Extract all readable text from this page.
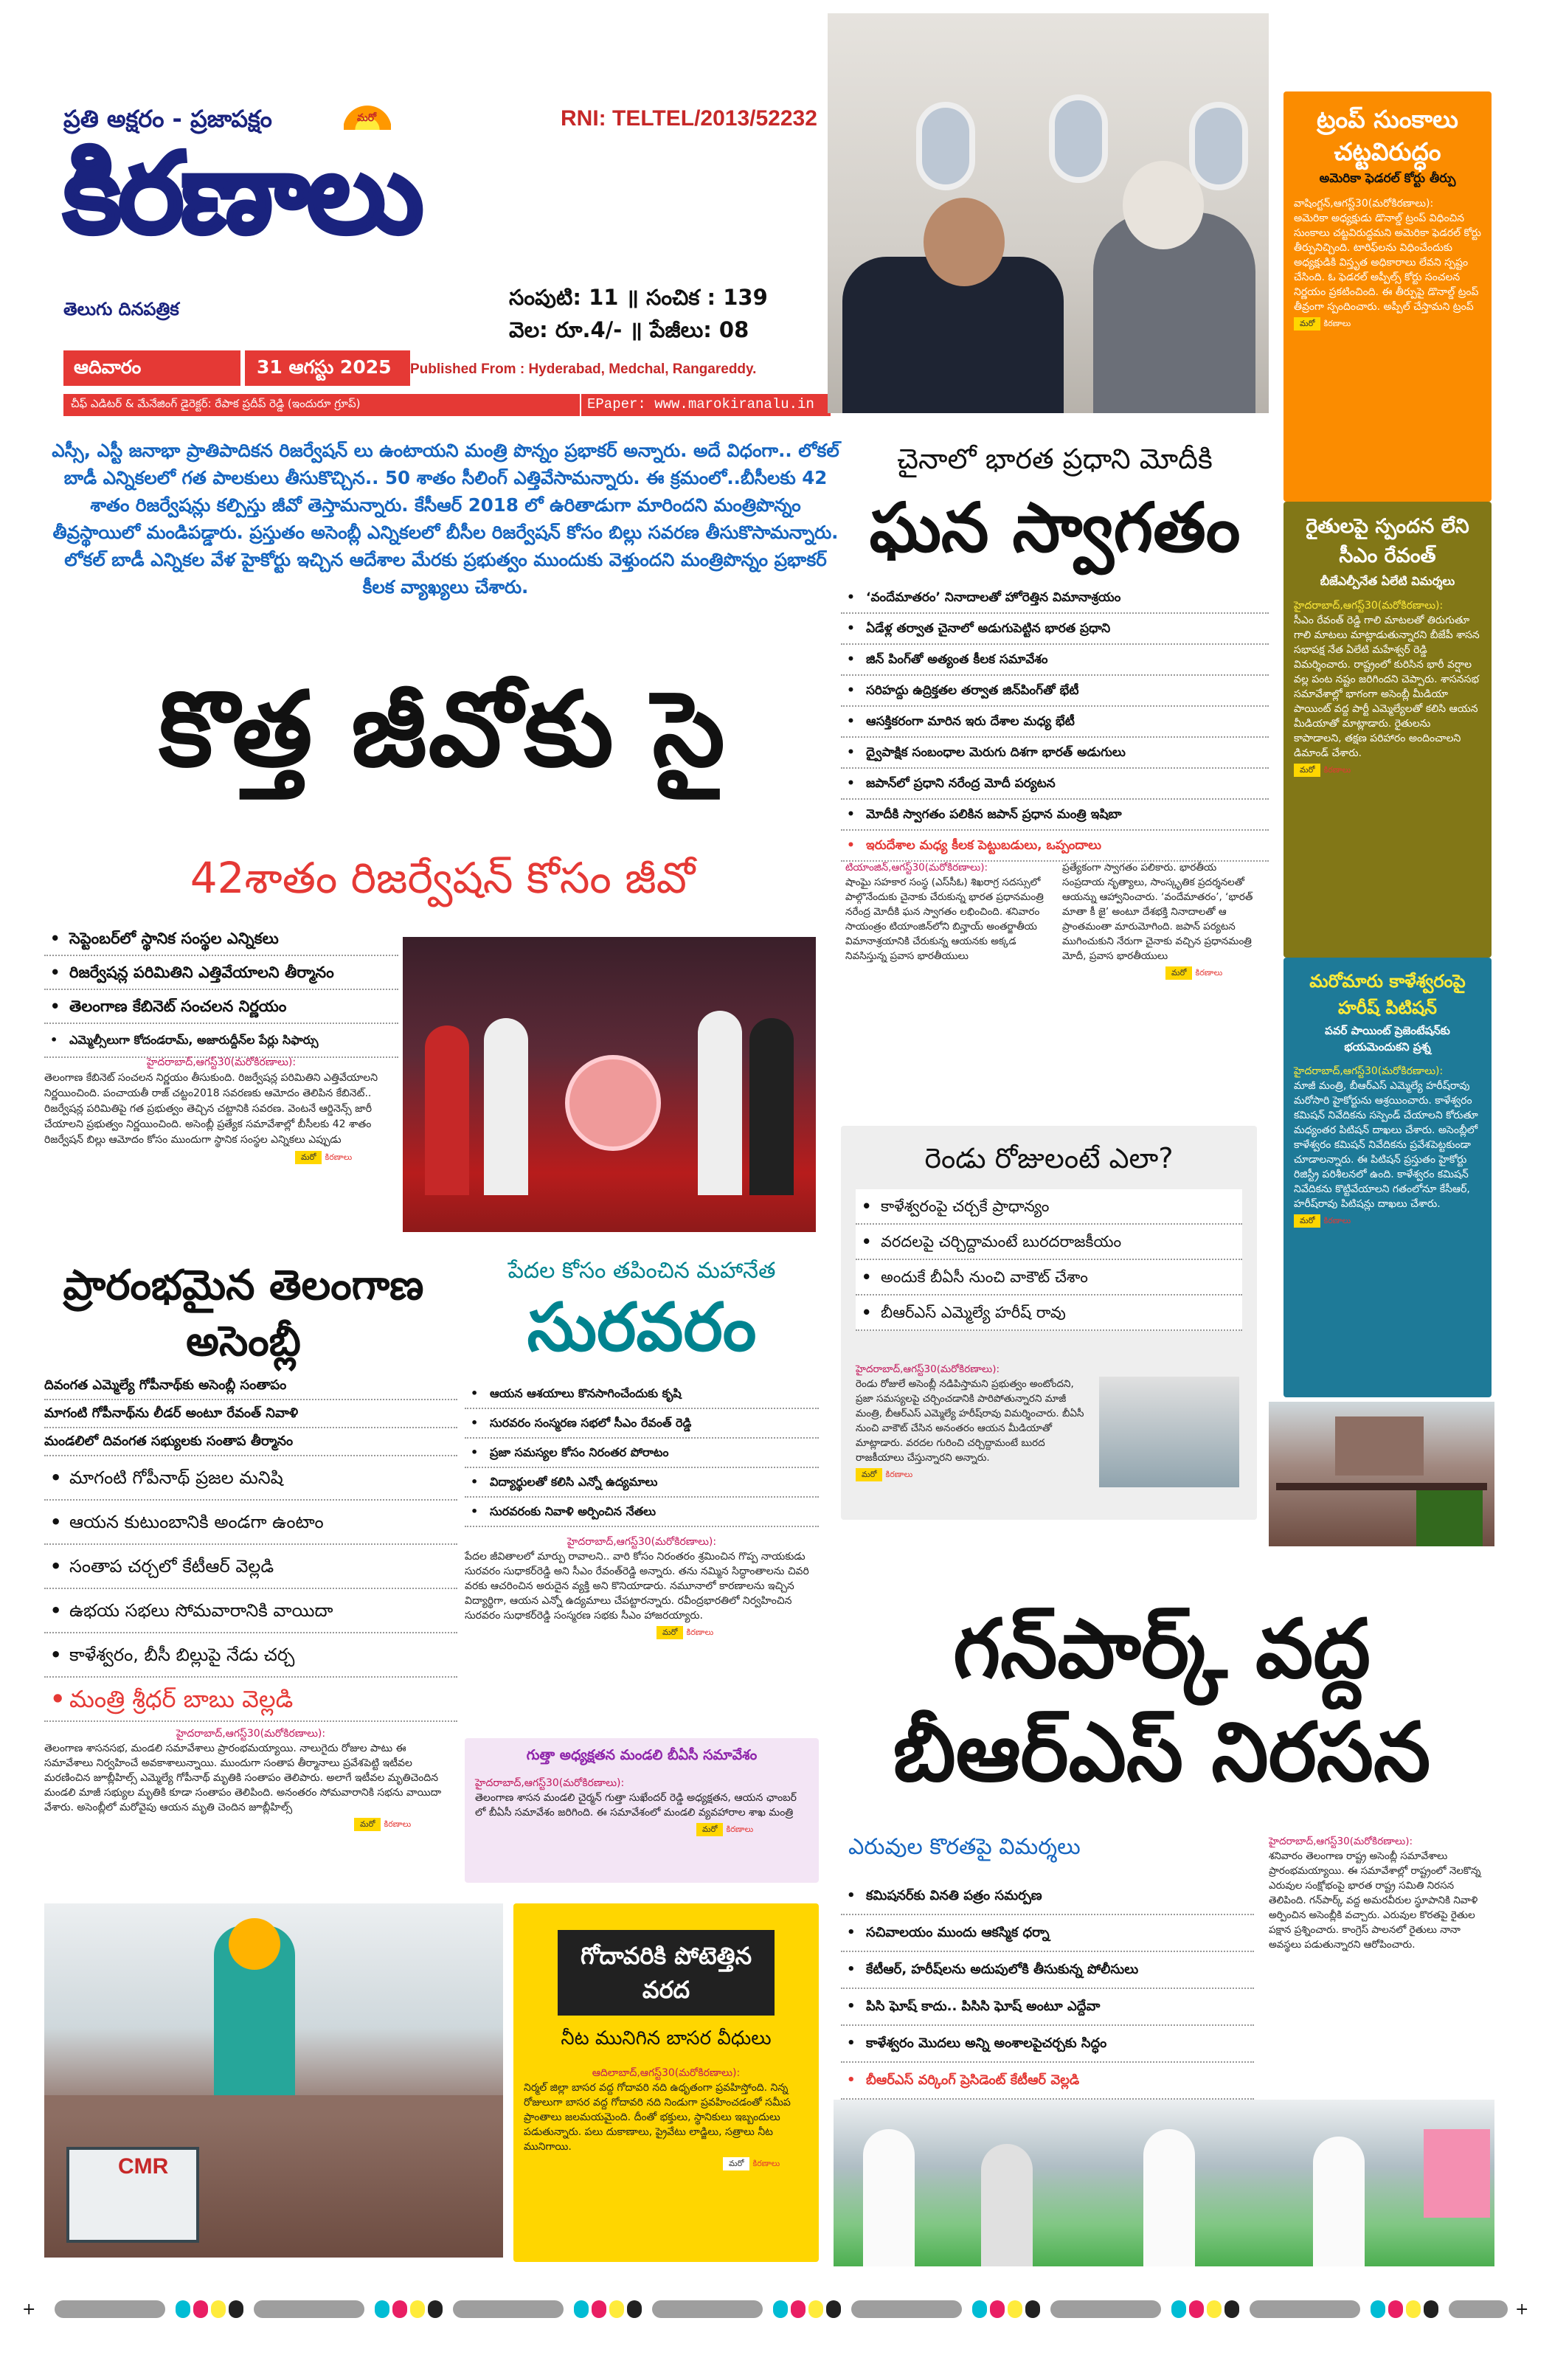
ప్రతి అక్షరం - ప్రజాపక్షం	మరో
కిరణాలు
తెలుగు దినపత్రిక
RNI: TELTEL/2013/52232
సంపుటి: 11 ॥ సంచిక : 139
వెల: రూ.4/- ॥ పేజీలు: 08
ఆదివారం	31 ఆగస్టు 2025 Published From : Hyderabad, Medchal, Rangareddy.
చీఫ్ ఎడిటర్ & మేనేజింగ్ డైరెక్టర్: రేపాక ప్రదీప్ రెడ్డి (ఇందురూ గ్రూప్)	EPaper: www.marokiranalu.in
ట్రంప్ సుంకాలు చట్టవిరుద్ధం
అమెరికా ఫెడరల్ కోర్టు తీర్పు
వాషింగ్టన్,ఆగస్ట్30(మరోకిరణాలు):
అమెరికా అధ్యక్షుడు డొనాల్డ్ ట్రంప్ విధించిన సుంకాలు చట్టవిరుద్ధమని అమెరికా ఫెడరల్ కోర్టు తీర్పునిచ్చింది. టారిఫ్‌లను విధించేందుకు అధ్యక్షుడికి విస్తృత అధికారాలు లేవని స్పష్టం చేసింది. ఓ ఫెడరల్ అప్పీల్స్ కోర్టు సంచలన నిర్ణయం ప్రకటించింది. ఈ తీర్పుపై డొనాల్డ్ ట్రంప్ తీవ్రంగా స్పందించారు. అప్పీల్ చేస్తామని ట్రంప్
మరో కిరణాలు
రైతులపై స్పందన లేని సీఎం రేవంత్
బీజేఎల్పీనేత ఏలేటి విమర్శలు
హైదరాబాద్,ఆగస్ట్30(మరోకిరణాలు):
సీఎం రేవంత్ రెడ్డి గాలి మాటలతో తిరుగుతూ గాలి మాటలు మాట్లాడుతున్నారని బీజేపీ శాసన సభాపక్ష నేత ఏలేటి మహేశ్వర్ రెడ్డి విమర్శించారు. రాష్ట్రంలో కురిసిన భారీ వర్షాల వల్ల పంట నష్టం జరిగిందని చెప్పారు. శాసనసభ సమావేశాల్లో భాగంగా అసెంబ్లీ మీడియా పాయింట్ వద్ద పార్టీ ఎమ్మెల్యేలతో కలిసి ఆయన మీడియాతో మాట్లాడారు. రైతులను కాపాడాలని, తక్షణ పరిహారం అందించాలని డిమాండ్ చేశారు.
మరో కిరణాలు
మరోమారు కాళేశ్వరంపై హరీష్ పిటిషన్
పవర్ పాయింట్ ప్రెజెంటేషన్‌కు భయమెందుకని ప్రశ్న
హైదరాబాద్,ఆగస్ట్30(మరోకిరణాలు):
మాజీ మంత్రి, బీఆర్ఎస్ ఎమ్మెల్యే హరీష్‌రావు మరోసారి హైకోర్టును ఆశ్రయించారు. కాళేశ్వరం కమిషన్ నివేదికను సస్పెండ్ చేయాలని కోరుతూ మధ్యంతర పిటిషన్ దాఖలు చేశారు. అసెంబ్లీలో కాళేశ్వరం కమిషన్ నివేదికను ప్రవేశపెట్టకుండా చూడాలన్నారు. ఈ పిటిషన్ ప్రస్తుతం హైకోర్టు రిజిస్ట్రీ పరిశీలనలో ఉంది. కాళేశ్వరం కమిషన్ నివేదికను కొట్టివేయాలని గతంలోనూ కేసీఆర్, హరీష్‌రావు పిటిషన్లు దాఖలు చేశారు.
మరో కిరణాలు
ఎస్సీ, ఎస్టీ జనాభా ప్రాతిపాదికన రిజర్వేషన్ లు ఉంటాయని మంత్రి పొన్నం ప్రభాకర్ అన్నారు. అదే విధంగా.. లోకల్ బాడీ ఎన్నికలలో గత పాలకులు తీసుకొచ్చిన.. 50 శాతం సీలింగ్ ఎత్తివేసామన్నారు. ఈ క్రమంలో..బీసీలకు 42 శాతం రిజర్వేషన్లు కల్పిస్తు జీవో తెస్తామన్నారు. కేసీఆర్ 2018 లో ఉరితాడుగా మారిందని మంత్రిపొన్నం తీవ్రస్థాయిలో మండిపడ్డారు. ప్రస్తుతం అసెంబ్లీ ఎన్నికలలో బీసీల రిజర్వేషన్ కోసం బిల్లు సవరణ తీసుకొసామన్నారు. లోకల్ బాడీ ఎన్నికల వేళ హైకోర్టు ఇచ్చిన ఆదేశాల మేరకు ప్రభుత్వం ముందుకు వెళ్తుందని మంత్రిపొన్నం ప్రభాకర్ కీలక వ్యాఖ్యలు చేశారు.
కొత్త జీవోకు సై
42శాతం రిజర్వేషన్ కోసం జీవో
• సెప్టెంబర్‌లో స్థానిక సంస్థల ఎన్నికలు
• రిజర్వేషన్ల పరిమితిని ఎత్తివేయాలని తీర్మానం
• తెలంగాణ కేబినెట్ సంచలన నిర్ణయం
• ఎమ్మెల్సీలుగా కోదండరామ్, అజారుద్దీన్‌ల పేర్లు సిఫార్సు
హైదరాబాద్,ఆగస్ట్30(మరోకిరణాలు):
తెలంగాణ కేబినెట్ సంచలన నిర్ణయం తీసుకుంది. రిజర్వేషన్ల పరిమితిని ఎత్తివేయాలని నిర్ణయించింది. పంచాయతీ రాజ్ చట్టం2018 సవరణకు ఆమోదం తెలిపిన కేబినెట్.. రిజర్వేషన్ల పరిమితిపై గత ప్రభుత్వం తెచ్చిన చట్టానికి సవరణ. వెంటనే ఆర్డినెన్స్ జారీ చేయాలని ప్రభుత్వం నిర్ణయించింది. అసెంబ్లీ ప్రత్యేక సమావేశాల్లో బీసీలకు 42 శాతం రిజర్వేషన్ బిల్లు ఆమోదం కోసం ముందుగా స్థానిక సంస్థల ఎన్నికలు ఎప్పుడు
మరో కిరణాలు
ప్రారంభమైన తెలంగాణ అసెంబ్లీ
దివంగత ఎమ్మెల్యే గోపీనాథ్‌కు అసెంబ్లీ సంతాపం
మాగంటి గోపీనాథ్‌ను లీడర్ అంటూ రేవంత్ నివాళి
మండలిలో దివంగత సభ్యులకు సంతాప తీర్మానం
• మాగంటి గోపీనాథ్ ప్రజల మనిషి
• ఆయన కుటుంబానికి అండగా ఉంటాం
• సంతాప చర్చలో కేటీఆర్ వెల్లడి
• ఉభయ సభలు సోమవారానికి వాయిదా
• కాళేశ్వరం, బీసీ బిల్లుపై నేడు చర్చ
• మంత్రి శ్రీధర్ బాబు వెల్లడి
హైదరాబాద్,ఆగస్ట్30(మరోకిరణాలు):
తెలంగాణ శాసనసభ, మండలి సమావేశాలు ప్రారంభమయ్యాయి. నాలుగైదు రోజుల పాటు ఈ సమావేశాలు నిర్వహించే అవకాశాలున్నాయి. ముందుగా సంతాప తీర్మానాలు ప్రవేశపెట్టి ఇటీవల మరణించిన జూబ్లీహిల్స్ ఎమ్మెల్యే గోపీనాథ్ మృతికి సంతాపం తెలిపారు. అలాగే ఇటీవల మృతిచెందిన మండలి మాజీ సభ్యుల మృతికి కూడా సంతాపం తెలిపింది. అనంతరం సోమవారానికి సభను వాయిదా వేశారు. అసెంబ్లీలో మరోవైపు ఆయన మృతి చెందిన జూబ్లీహిల్స్
మరో కిరణాలు
పేదల కోసం తపించిన మహానేత
సురవరం
• ఆయన ఆశయాలు కొనసాగించేందుకు కృషి
• సురవరం సంస్మరణ సభలో సీఎం రేవంత్ రెడ్డి
• ప్రజా సమస్యల కోసం నిరంతర పోరాటం
• విద్యార్థులతో కలిసి ఎన్నో ఉద్యమాలు
• సురవరంకు నివాళి అర్పించిన నేతలు
హైదరాబాద్,ఆగస్ట్30(మరోకిరణాలు):
పేదల జీవితాలలో మార్పు రావాలని.. వారి కోసం నిరంతరం శ్రమించిన గొప్ప నాయకుడు సురవరం సుధాకర్‌రెడ్డి అని సీఎం రేవంత్‌రెడ్డి అన్నారు. తను నమ్మిన సిద్ధాంతాలను చివరి వరకు ఆచరించిన అరుదైన వ్యక్తి అని కొనియాడారు. నమూనాలో కారణాలను ఇచ్చిన విద్యార్థిగా, ఆయన ఎన్నో ఉద్యమాలు చేపట్టారన్నారు. రవీంద్రభారతిలో నిర్వహించిన సురవరం సుధాకర్‌రెడ్డి సంస్మరణ సభకు సీఎం హాజరయ్యారు.
మరో కిరణాలు
గుత్తా అధ్యక్షతన మండలి బీఏసీ సమావేశం
హైదరాబాద్,ఆగస్ట్30(మరోకిరణాలు):
తెలంగాణ శాసన మండలి చైర్మన్ గుత్తా సుఖేందర్ రెడ్డి అధ్యక్షతన, ఆయన ఛాంబర్ లో బీఏసీ సమావేశం జరిగింది. ఈ సమావేశంలో మండలి వ్యవహారాల శాఖ మంత్రి
మరో కిరణాలు
CMR
గోదావరికి పోటెత్తిన వరద
నీట మునిగిన బాసర వీధులు
ఆదిలాబాద్,ఆగస్ట్30(మరోకిరణాలు):
నిర్మల్ జిల్లా బాసర వద్ద గోదావరి నది ఉధృతంగా ప్రవహిస్తోంది. నిన్న రోజులుగా బాసర వద్ద గోదావరి నది నిండుగా ప్రవహించడంతో సమీప ప్రాంతాలు జలమయమైంది. దీంతో భక్తులు, స్థానికులు ఇబ్బందులు పడుతున్నారు. పలు దుకాణాలు, ప్రైవేటు లాడ్జిలు, సత్రాలు నీట మునిగాయి.
మరో కిరణాలు
చైనాలో భారత ప్రధాని మోదీకి
ఘన స్వాగతం
• ‘వందేమాతరం’ నినాదాలతో హోరెత్తిన విమానాశ్రయం
• ఏడేళ్ల తర్వాత చైనాలో అడుగుపెట్టిన భారత ప్రధాని
• జిన్ పింగ్‌తో అత్యంత కీలక సమావేశం
• సరిహద్దు ఉద్రిక్తతల తర్వాత జిన్‌పింగ్‌తో భేటీ
• ఆసక్తికరంగా మారిన ఇరు దేశాల మధ్య భేటీ
• ద్వైపాక్షిక సంబంధాల మెరుగు దిశగా భారత్ అడుగులు
• జపాన్‌లో ప్రధాని నరేంద్ర మోదీ పర్యటన
• మోదీకి స్వాగతం పలికిన జపాన్ ప్రధాన మంత్రి ఇషిబా
• ఇరుదేశాల మధ్య కీలక పెట్టుబడులు, ఒప్పందాలు
టియాంజిన్,ఆగస్ట్30(మరోకిరణాలు):
షాంఘై సహకార సంస్థ (ఎస్‌సీఓ) శిఖరాగ్ర సదస్సులో పాల్గొనేందుకు చైనాకు చేరుకున్న భారత ప్రధానమంత్రి నరేంద్ర మోదీకి ఘన స్వాగతం లభించింది. శనివారం సాయంత్రం టియాంజిన్‌లోని బిన్హాయ్ అంతర్జాతీయ విమానాశ్రయానికి చేరుకున్న ఆయనకు అక్కడ నివసిస్తున్న ప్రవాస భారతీయులు
ప్రత్యేకంగా స్వాగతం పలికారు. భారతీయ సంప్రదాయ నృత్యాలు, సాంస్కృతిక ప్రదర్శనలతో ఆయన్ను ఆహ్వానించారు. ‘వందేమాతరం’, ‘భారత్ మాతా కీ జై’ అంటూ దేశభక్తి నినాదాలతో ఆ ప్రాంతమంతా మారుమోగింది. జపాన్ పర్యటన ముగించుకుని నేరుగా చైనాకు వచ్చిన ప్రధానమంత్రి మోదీ, ప్రవాస భారతీయులు
మరో కిరణాలు
రెండు రోజులంటే ఎలా?
• కాళేశ్వరంపై చర్చకే ప్రాధాన్యం
• వరదలపై చర్చిద్దామంటే బురదరాజకీయం
• అందుకే బీఏసీ నుంచి వాకౌట్ చేశాం
• బీఆర్ఎస్ ఎమ్మెల్యే హరీష్ రావు
హైదరాబాద్,ఆగస్ట్30(మరోకిరణాలు):
రెండు రోజులే అసెంబ్లీ నడిపిస్తామని ప్రభుత్వం అంటోందని, ప్రజా సమస్యలపై చర్చించడానికి పారిపోతున్నారని మాజీ మంత్రి, బీఆర్ఎస్ ఎమ్మెల్యే హరీష్‌రావు విమర్శించారు. బీఏసీ నుంచి వాకౌట్ చేసిన అనంతరం ఆయన మీడియాతో మాట్లాడారు. వరదల గురించి చర్చిద్దామంటే బురద రాజకీయాలు చేస్తున్నారని అన్నారు.
మరో కిరణాలు
గన్‌పార్క్ వద్ద
బీఆర్ఎస్ నిరసన
ఎరువుల కొరతపై విమర్శలు
• కమిషనర్‌కు వినతి పత్రం సమర్పణ
• సచివాలయం ముందు ఆకస్మిక ధర్నా
• కేటీఆర్, హరీష్‌లను అదుపులోకి తీసుకున్న పోలీసులు
• పిసి ఘోష్ కాదు.. పిసిసి ఘోష్ అంటూ ఎద్దేవా
• కాళేశ్వరం మొదలు అన్ని అంశాలపైచర్చకు సిద్ధం
• బీఆర్ఎస్ వర్కింగ్ ప్రెసిడెంట్ కేటీఆర్ వెల్లడి
హైదరాబాద్,ఆగస్ట్30(మరోకిరణాలు):
శనివారం తెలంగాణ రాష్ట్ర అసెంబ్లీ సమావేశాలు ప్రారంభమయ్యాయి. ఈ సమావేశాల్లో రాష్ట్రంలో నెలకొన్న ఎరువుల సంక్షోభంపై భారత రాష్ట్ర సమితి నిరసన తెలిపింది. గన్‌పార్క్ వద్ద అమరవీరుల స్థూపానికి నివాళి అర్పించిన అసెంబ్లీకి వచ్చారు. ఎరువుల కొరతపై రైతుల పక్షాన ప్రశ్నించారు. కాంగ్రెస్ పాలనలో రైతులు నానా అవస్థలు పడుతున్నారని ఆరోపించారు.
+	+
